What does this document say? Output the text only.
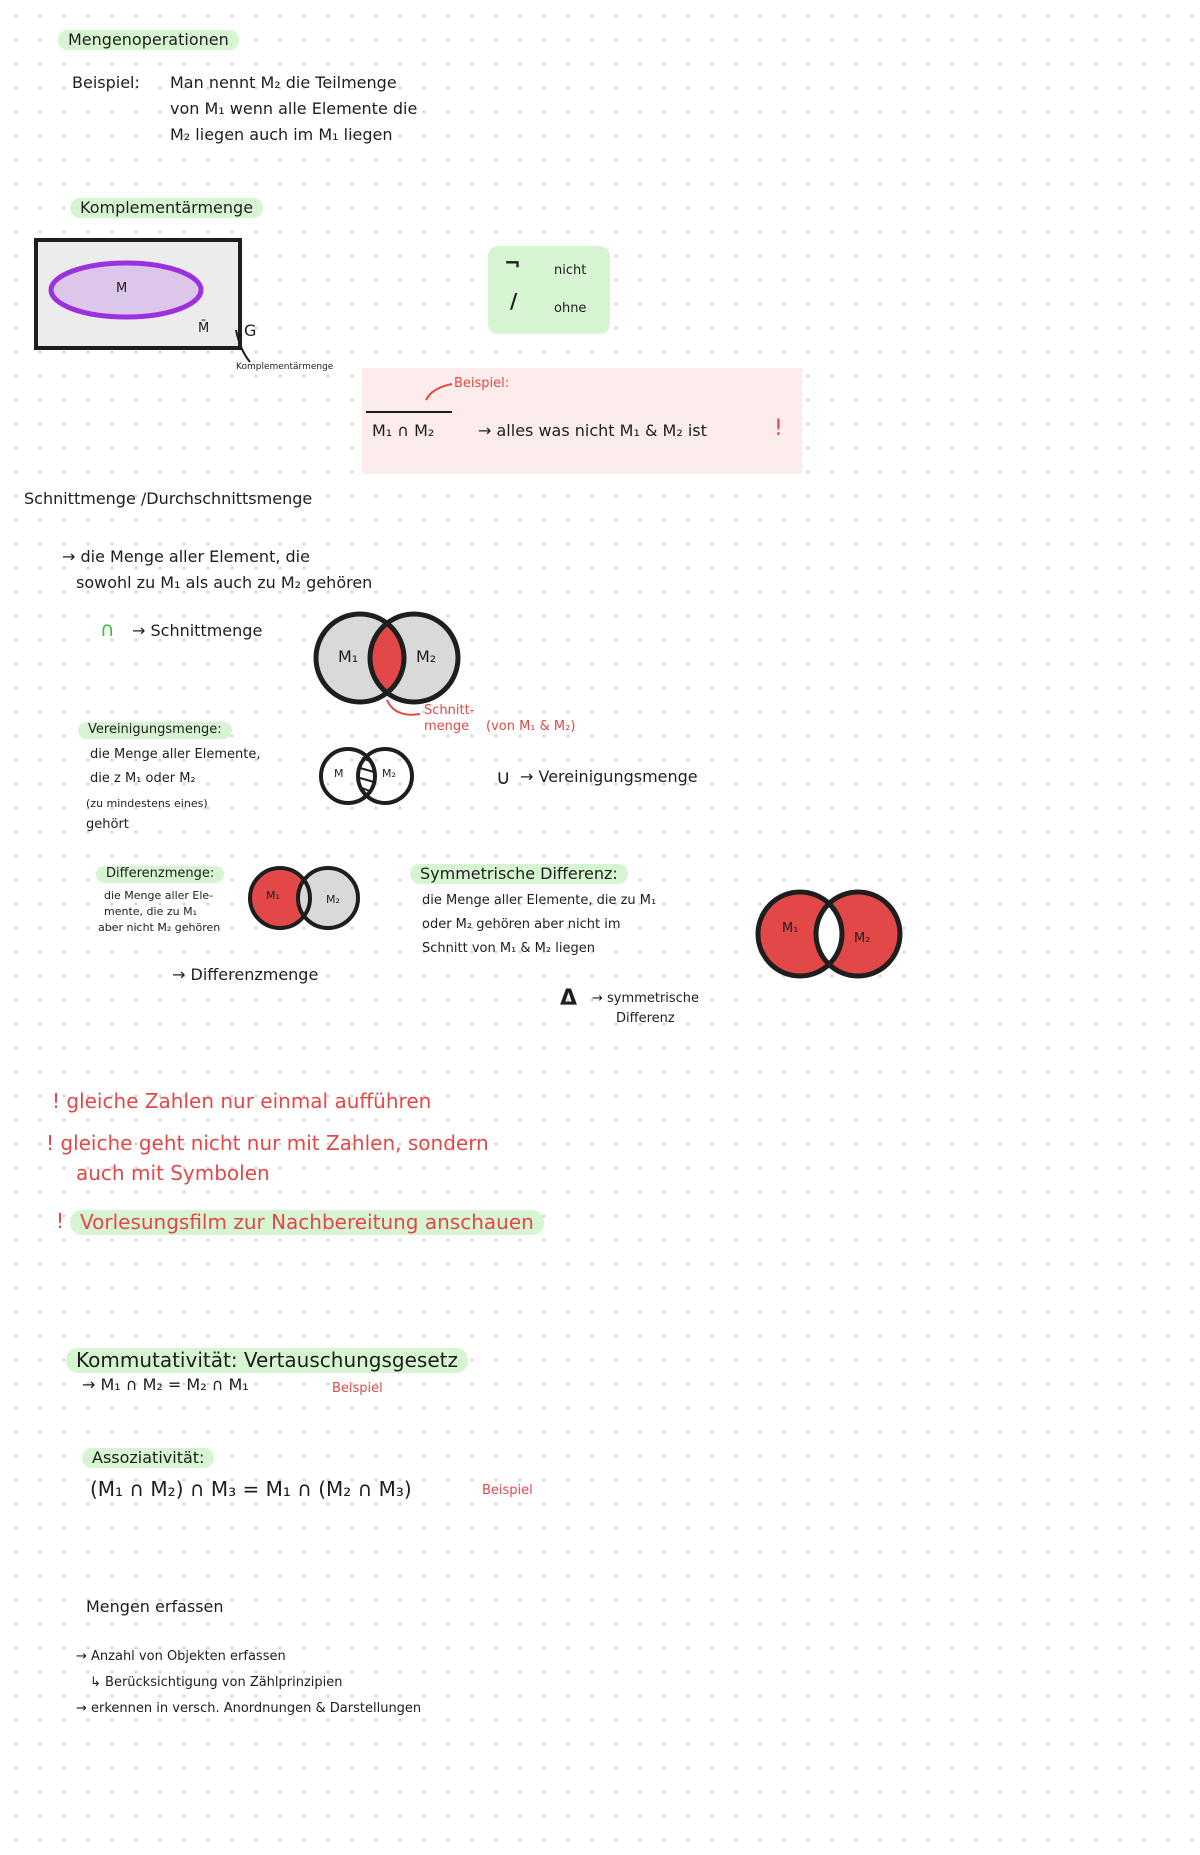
Mengenoperationen
Beispiel: Man nennt M₂ die Teilmenge
von M₁ wenn alle Elemente die
M₂ liegen auch im M₁ liegen
Komplementärmenge
M
M̄ G
Komplementärmenge
¬	nicht
/	ohne
Beispiel:
M₁ ∩ M₂	→ alles was nicht M₁ & M₂ ist	!
Schnittmenge /Durchschnittsmenge
→ die Menge aller Element, die
sowohl zu M₁ als auch zu M₂ gehören
∩ → Schnittmenge
M₁	M₂
Schnitt-
menge (von M₁ & M₂)
Vereinigungsmenge:
die Menge aller Elemente,
die z M₁ oder M₂
(zu mindestens eines)
gehört
M	M₂	∪ → Vereinigungsmenge
Differenzmenge:
die Menge aller Ele-
mente, die zu M₁
aber nicht M₂ gehören
M₁	M₂
→ Differenzmenge
Symmetrische Differenz:
die Menge aller Elemente, die zu M₁
oder M₂ gehören aber nicht im
Schnitt von M₁ & M₂ liegen
M₁
M₂
Δ → symmetrische
Differenz
! gleiche Zahlen nur einmal aufführen
! gleiche geht nicht nur mit Zahlen, sondern
auch mit Symbolen
! Vorlesungsfilm zur Nachbereitung anschauen
Kommutativität: Vertauschungsgesetz
→ M₁ ∩ M₂ = M₂ ∩ M₁	Beispiel
Assoziativität:
(M₁ ∩ M₂) ∩ M₃ = M₁ ∩ (M₂ ∩ M₃)	Beispiel
Mengen erfassen
→ Anzahl von Objekten erfassen
↳ Berücksichtigung von Zählprinzipien
→ erkennen in versch. Anordnungen & Darstellungen
